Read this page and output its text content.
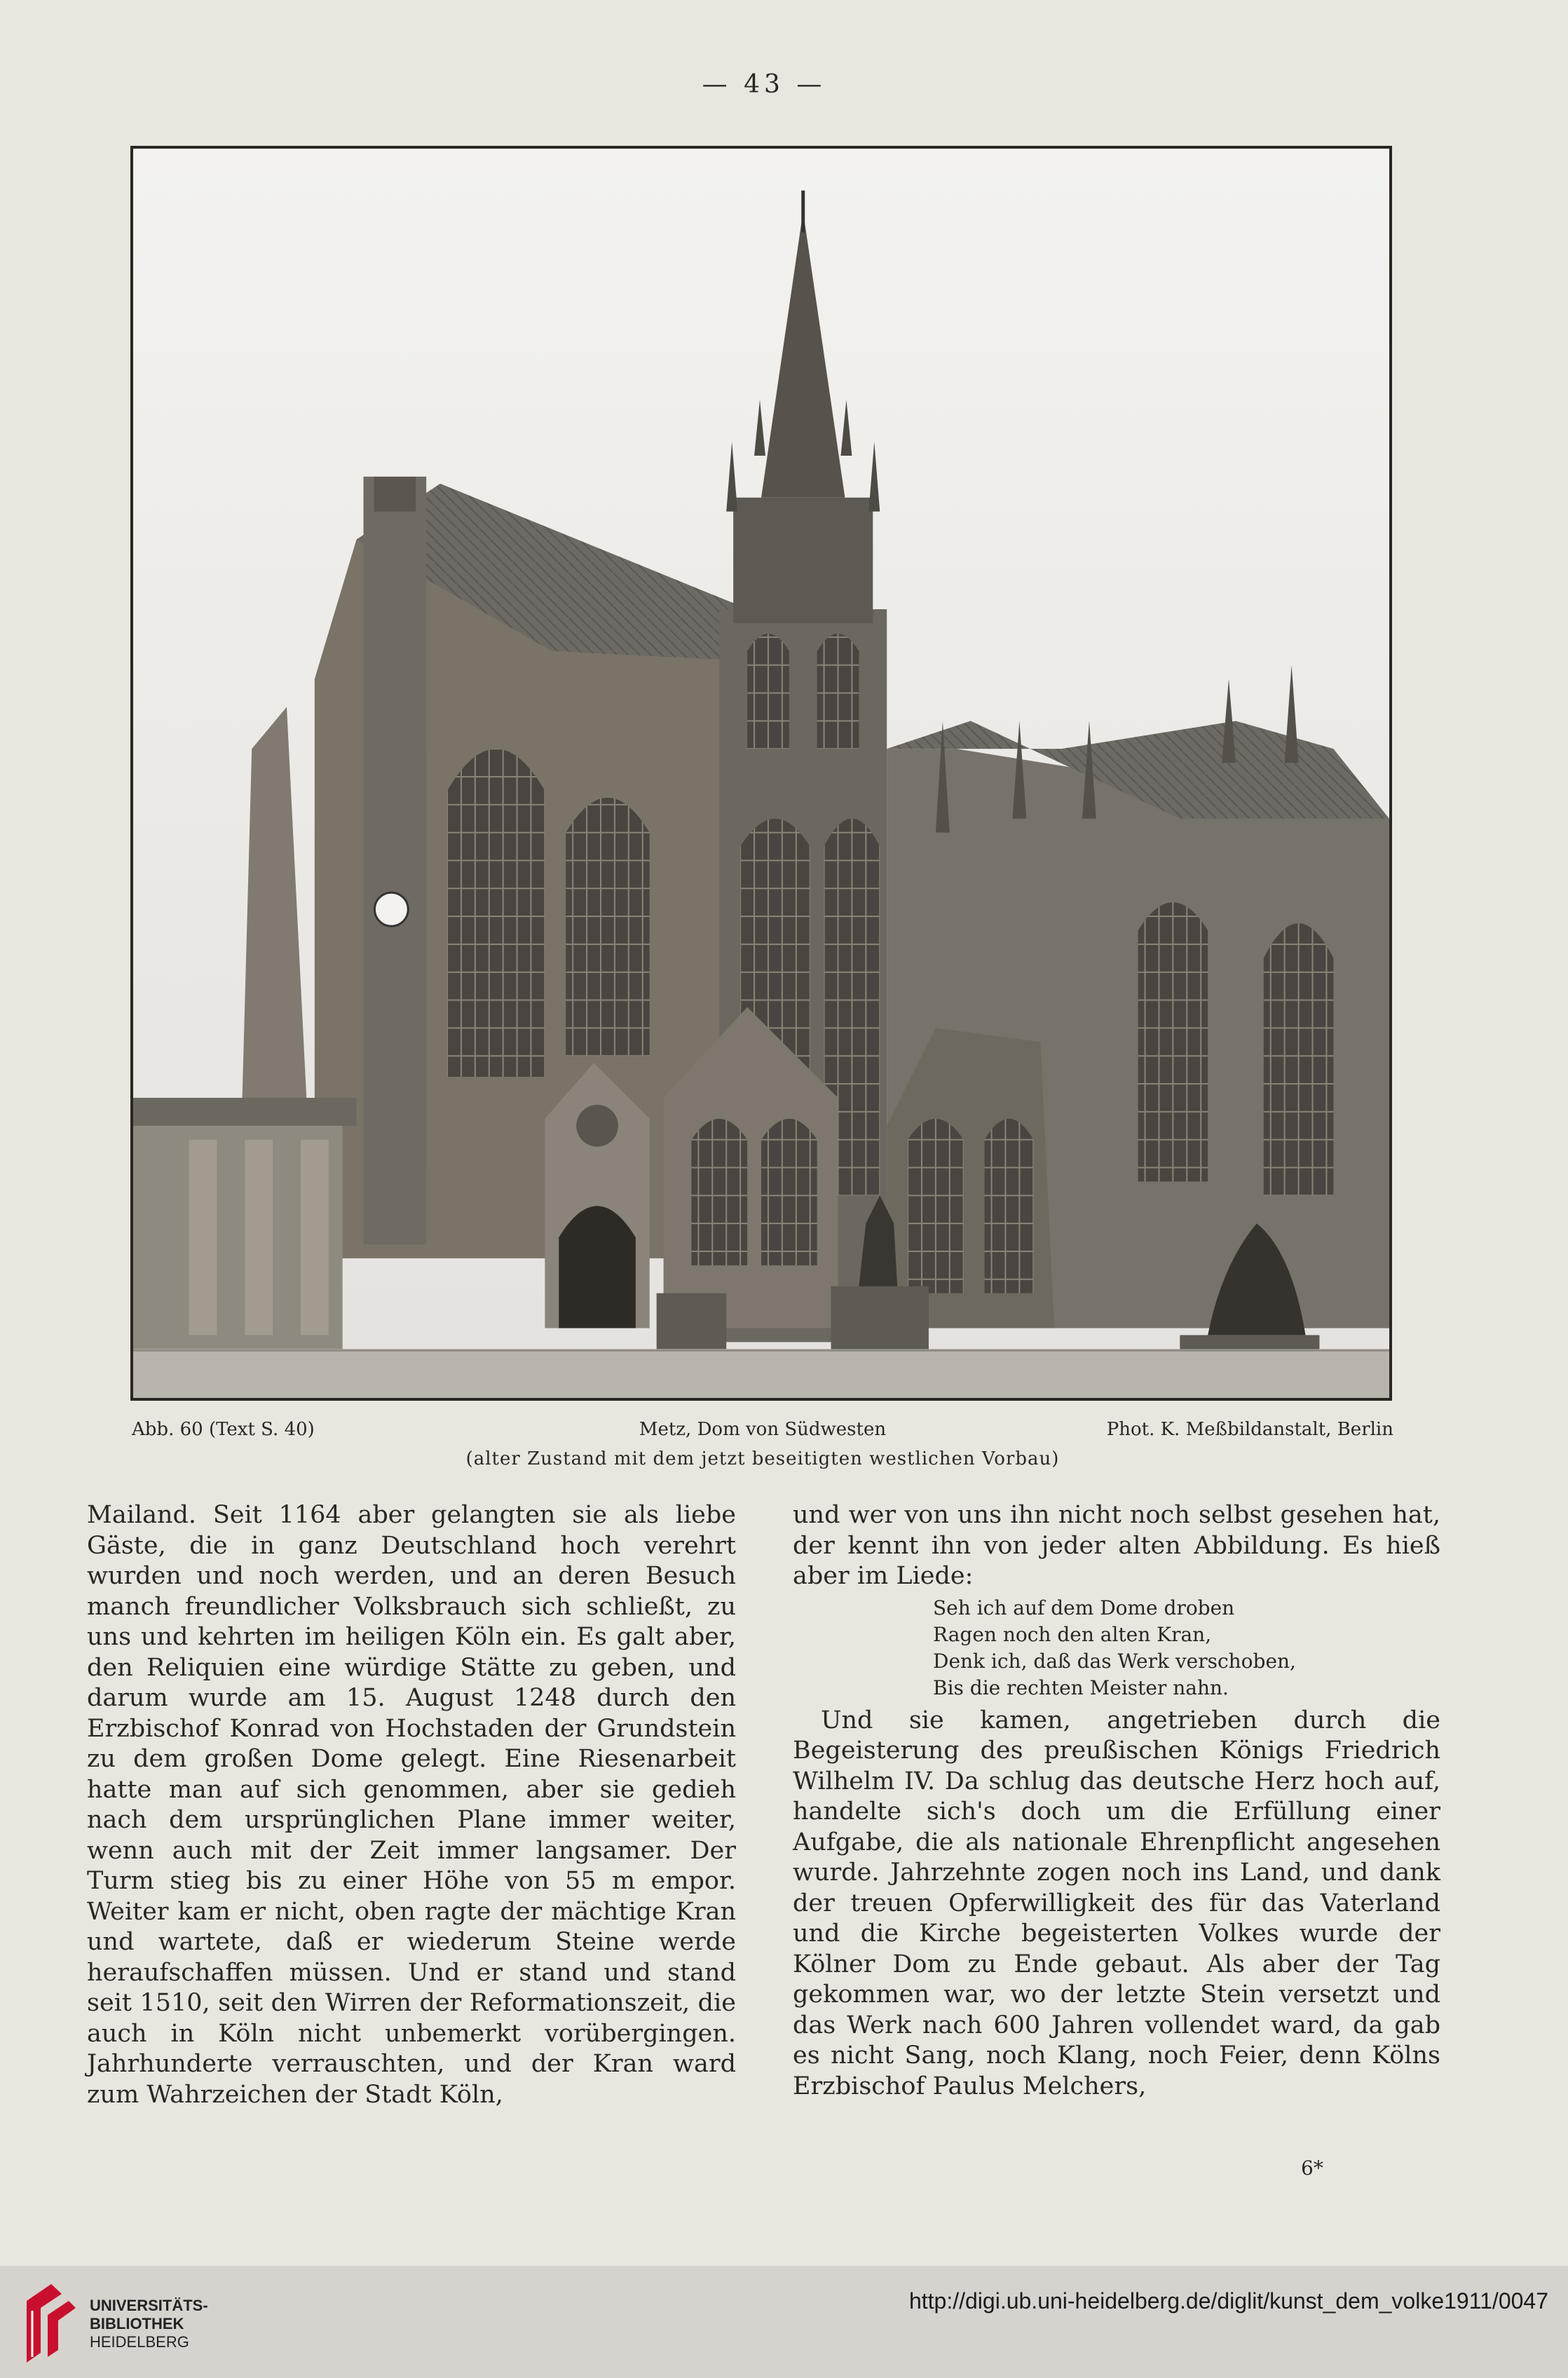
— 43 —
Metz, Dom von Südwesten
Abb. 60 (Text S. 40)	Phot. K. Meßbildanstalt, Berlin
(alter Zustand mit dem jetzt beseitigten westlichen Vorbau)

Mailand. Seit 1164 aber gelangten sie als liebe Gäste, die in ganz Deutschland hoch verehrt wurden und noch werden, und an deren Besuch manch freundlicher Volksbrauch sich schließt, zu uns und kehrten im heiligen Köln ein. Es galt aber, den Reliquien eine würdige Stätte zu geben, und darum wurde am 15. August 1248 durch den Erzbischof Konrad von Hochstaden der Grundstein zu dem großen Dome gelegt. Eine Riesenarbeit hatte man auf sich genommen, aber sie gedieh nach dem ursprünglichen Plane immer weiter, wenn auch mit der Zeit immer langsamer. Der Turm stieg bis zu einer Höhe von 55 m empor. Weiter kam er nicht, oben ragte der mächtige Kran und wartete, daß er wiederum Steine werde heraufschaffen müssen. Und er stand und stand seit 1510, seit den Wirren der Reformationszeit, die auch in Köln nicht unbemerkt vorübergingen. Jahrhunderte verrauschten, und der Kran ward zum Wahrzeichen der Stadt Köln,

und wer von uns ihn nicht noch selbst gesehen hat, der kennt ihn von jeder alten Abbildung. Es hieß aber im Liede:

Seh ich auf dem Dome droben
Ragen noch den alten Kran,
Denk ich, daß das Werk verschoben,
Bis die rechten Meister nahn.

Und sie kamen, angetrieben durch die Begeisterung des preußischen Königs Friedrich Wilhelm IV. Da schlug das deutsche Herz hoch auf, handelte sich's doch um die Erfüllung einer Aufgabe, die als nationale Ehrenpflicht angesehen wurde. Jahrzehnte zogen noch ins Land, und dank der treuen Opferwilligkeit des für das Vaterland und die Kirche begeisterten Volkes wurde der Kölner Dom zu Ende gebaut. Als aber der Tag gekommen war, wo der letzte Stein versetzt und das Werk nach 600 Jahren vollendet ward, da gab es nicht Sang, noch Klang, noch Feier, denn Kölns Erzbischof Paulus Melchers,

6*
UNIVERSITÄTS-
BIBLIOTHEK
HEIDELBERG
http://digi.ub.uni-heidelberg.de/diglit/kunst_dem_volke1911/0047
